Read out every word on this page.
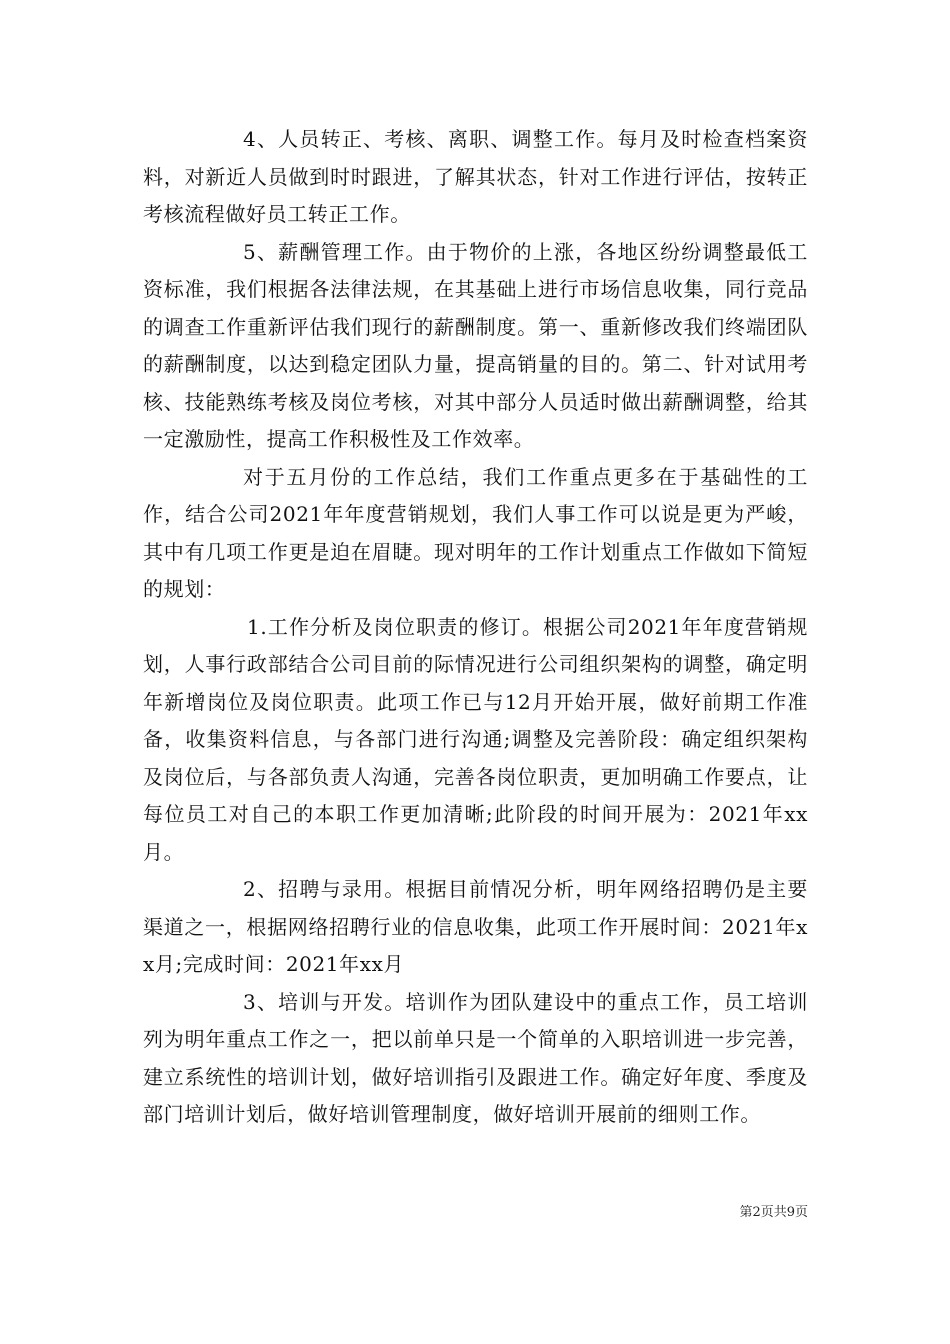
4、人员转正、考核、离职、调整工作。每月及时检查档案资料，对新近人员做到时时跟进，了解其状态，针对工作进行评估，按转正考核流程做好员工转正工作。

5、薪酬管理工作。由于物价的上涨，各地区纷纷调整最低工资标准，我们根据各法律法规，在其基础上进行市场信息收集，同行竞品的调查工作重新评估我们现行的薪酬制度。第一、重新修改我们终端团队的薪酬制度，以达到稳定团队力量，提高销量的目的。第二、针对试用考核、技能熟练考核及岗位考核，对其中部分人员适时做出薪酬调整，给其一定激励性，提高工作积极性及工作效率。

对于五月份的工作总结，我们工作重点更多在于基础性的工作，结合公司2021年年度营销规划，我们人事工作可以说是更为严峻，其中有几项工作更是迫在眉睫。现对明年的工作计划重点工作做如下简短的规划：

1.工作分析及岗位职责的修订。根据公司2021年年度营销规划，人事行政部结合公司目前的际情况进行公司组织架构的调整，确定明年新增岗位及岗位职责。此项工作已与12月开始开展，做好前期工作准备，收集资料信息，与各部门进行沟通;调整及完善阶段：确定组织架构及岗位后，与各部负责人沟通，完善各岗位职责，更加明确工作要点，让每位员工对自己的本职工作更加清晰;此阶段的时间开展为：2021年xx月。

2、招聘与录用。根据目前情况分析，明年网络招聘仍是主要渠道之一，根据网络招聘行业的信息收集，此项工作开展时间：2021年xx月;完成时间：2021年xx月

3、培训与开发。培训作为团队建设中的重点工作，员工培训列为明年重点工作之一，把以前单只是一个简单的入职培训进一步完善，建立系统性的培训计划，做好培训指引及跟进工作。确定好年度、季度及部门培训计划后，做好培训管理制度，做好培训开展前的细则工作。

第2页共9页
